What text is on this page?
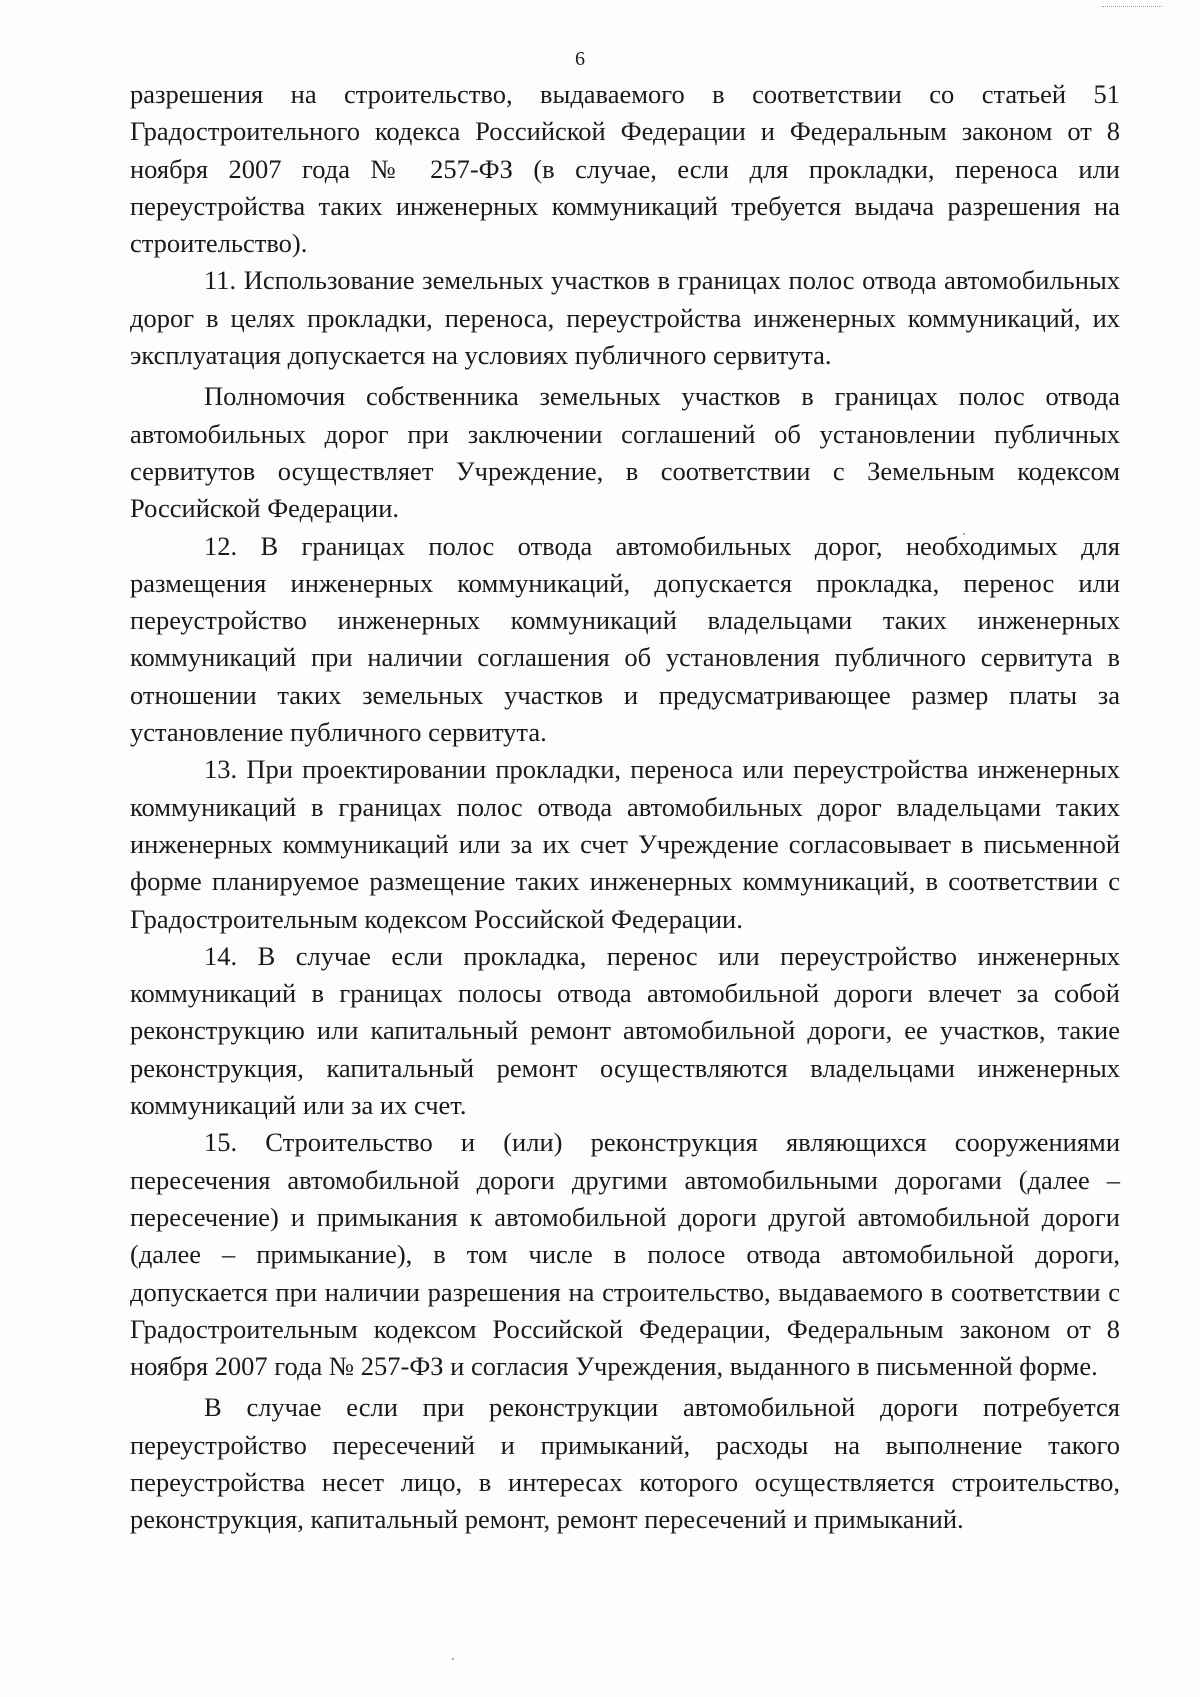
6

разрешения на строительство, выдаваемого в соответствии со статьей 51 Градостроительного кодекса Российской Федерации и Федеральным законом от 8 ноября 2007 года № 257-ФЗ (в случае, если для прокладки, переноса или переустройства таких инженерных коммуникаций требуется выдача разрешения на строительство).

11. Использование земельных участков в границах полос отвода автомобильных дорог в целях прокладки, переноса, переустройства инженерных коммуникаций, их эксплуатация допускается на условиях публичного сервитута.

Полномочия собственника земельных участков в границах полос отвода автомобильных дорог при заключении соглашений об установлении публичных сервитутов осуществляет Учреждение, в соответствии с Земельным кодексом Российской Федерации.

12. В границах полос отвода автомобильных дорог, необходимых для размещения инженерных коммуникаций, допускается прокладка, перенос или переустройство инженерных коммуникаций владельцами таких инженерных коммуникаций при наличии соглашения об установления публичного сервитута в отношении таких земельных участков и предусматривающее размер платы за установление публичного сервитута.

13. При проектировании прокладки, переноса или переустройства инженерных коммуникаций в границах полос отвода автомобильных дорог владельцами таких инженерных коммуникаций или за их счет Учреждение согласовывает в письменной форме планируемое размещение таких инженерных коммуникаций, в соответствии с Градостроительным кодексом Российской Федерации.

14. В случае если прокладка, перенос или переустройство инженерных коммуникаций в границах полосы отвода автомобильной дороги влечет за собой реконструкцию или капитальный ремонт автомобильной дороги, ее участков, такие реконструкция, капитальный ремонт осуществляются владельцами инженерных коммуникаций или за их счет.

15. Строительство и (или) реконструкция являющихся сооружениями пересечения автомобильной дороги другими автомобильными дорогами (далее – пересечение) и примыкания к автомобильной дороги другой автомобильной дороги (далее – примыкание), в том числе в полосе отвода автомобильной дороги, допускается при наличии разрешения на строительство, выдаваемого в соответствии с Градостроительным кодексом Российской Федерации, Федеральным законом от 8 ноября 2007 года № 257-ФЗ и согласия Учреждения, выданного в письменной форме.

В случае если при реконструкции автомобильной дороги потребуется переустройство пересечений и примыканий, расходы на выполнение такого переустройства несет лицо, в интересах которого осуществляется строительство, реконструкция, капитальный ремонт, ремонт пересечений и примыканий.
